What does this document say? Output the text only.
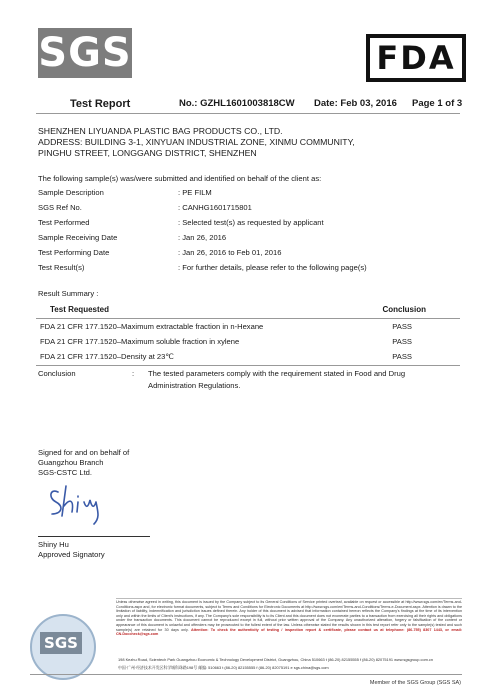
SGS	FDA
Test Report	No.: GZHL1601003818CW Date: Feb 03, 2016 Page 1 of 3
SHENZHEN LIYUANDA PLASTIC BAG PRODUCTS CO., LTD.
ADDRESS: BUILDING 3-1, XINYUAN INDUSTRIAL ZONE, XINMU COMMUNITY,
PINGHU STREET, LONGGANG DISTRICT, SHENZHEN
The following sample(s) was/were submitted and identified on behalf of the client as:
Sample Description	: PE FILM
SGS Ref No.	: CANHG1601715801
Test Performed	: Selected test(s) as requested by applicant
Sample Receiving Date	: Jan 26, 2016
Test Performing Date	: Jan 26, 2016 to Feb 01, 2016
Test Result(s)	: For further details, please refer to the following page(s)
Result Summary :
Test Requested	Conclusion
FDA 21 CFR 177.1520–Maximum extractable fraction in n-Hexane	PASS
FDA 21 CFR 177.1520–Maximum soluble fraction in xylene	PASS
FDA 21 CFR 177.1520–Density at 23℃	PASS
Conclusion	: The tested parameters comply with the requirement stated in Food and Drug
Administration Regulations.
Signed for and on behalf of
Guangzhou Branch
SGS-CSTC Ltd.
Shiny Hu
Approved Signatory
SGS
Unless otherwise agreed in writing, this document is issued by the Company subject to its General Conditions of Service printed overleaf, available on request or accessible at http://www.sgs.com/en/Terms-and-Conditions.aspx and, for electronic format documents, subject to Terms and Conditions for Electronic Documents at http://www.sgs.com/en/Terms-and-Conditions/Terms-e-Document.aspx. Attention is drawn to the limitation of liability, indemnification and jurisdiction issues defined therein. Any holder of this document is advised that information contained hereon reflects the Company's findings at the time of its intervention only and within the limits of Client's instructions, if any. The Company's sole responsibility is to its Client and this document does not exonerate parties to a transaction from exercising all their rights and obligations under the transaction documents. This document cannot be reproduced except in full, without prior written approval of the Company. Any unauthorized alteration, forgery or falsification of the content or appearance of this document is unlawful and offenders may be prosecuted to the fullest extent of the law. Unless otherwise stated the results shown in this test report refer only to the sample(s) tested and such sample(s) are retained for 30 days only. Attention: To check the authenticity of testing / inspection report & certificate, please contact us at telephone: (86-755) 8307 1443, or email: CN.Doccheck@sgs.com
198 Kezhu Road, Scientech Park Guangzhou Economic & Technology Development District, Guangzhou, China 510663 t (86-20) 82155555 f (86-20) 82075191 www.sgsgroup.com.cn
中国·广州·经济技术开发区科学城科珠路198号 邮编: 510663 t (86-20) 82155555 f (86-20) 82075191 e sgs.china@sgs.com
Member of the SGS Group (SGS SA)
